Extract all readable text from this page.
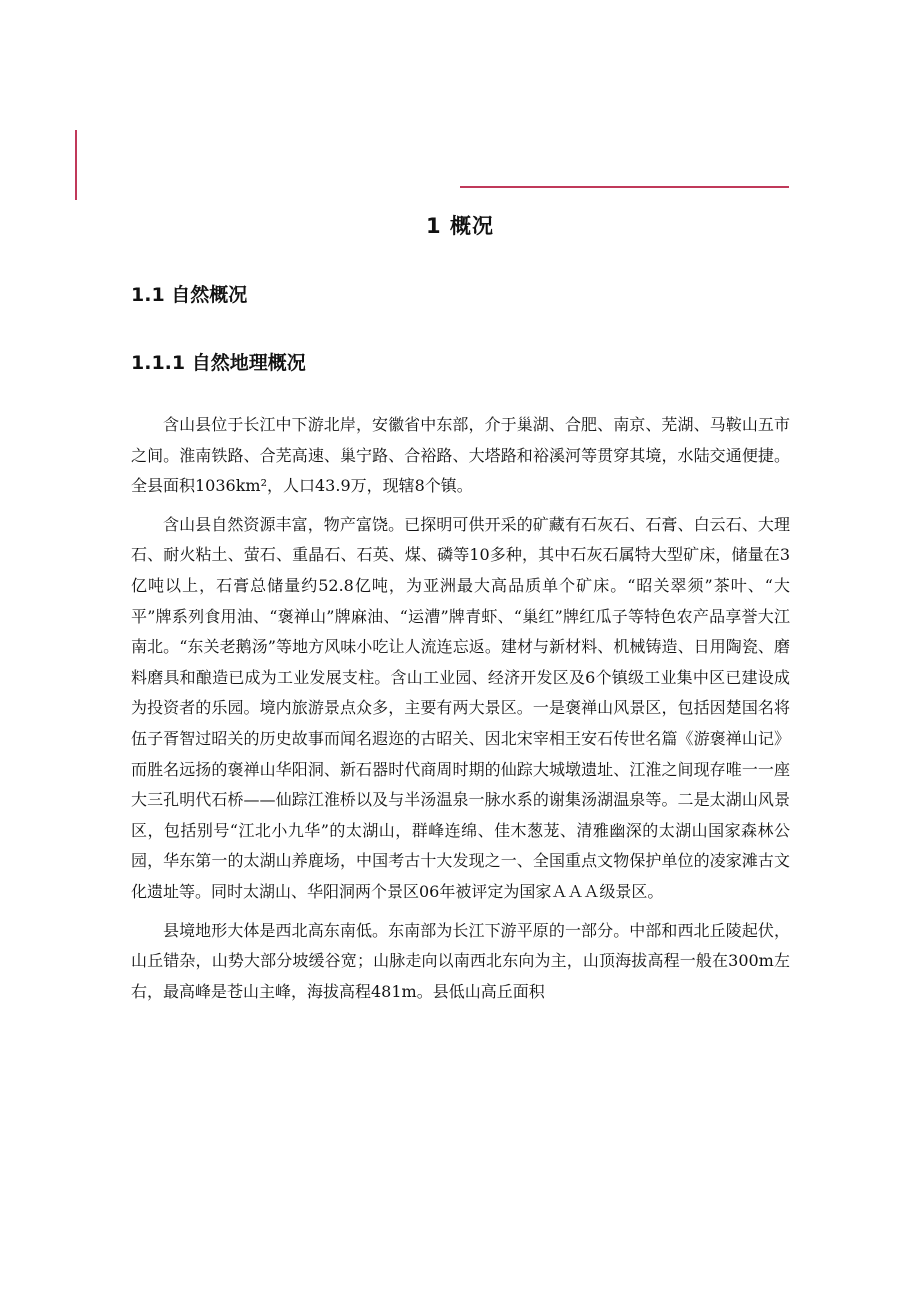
1 概况
1.1 自然概况
1.1.1 自然地理概况

含山县位于长江中下游北岸，安徽省中东部，介于巢湖、合肥、南京、芜湖、马鞍山五市之间。淮南铁路、合芜高速、巢宁路、合裕路、大塔路和裕溪河等贯穿其境，水陆交通便捷。全县面积1036km²，人口43.9万，现辖8个镇。

含山县自然资源丰富，物产富饶。已探明可供开采的矿藏有石灰石、石膏、白云石、大理石、耐火粘土、萤石、重晶石、石英、煤、磷等10多种，其中石灰石属特大型矿床，储量在3亿吨以上，石膏总储量约52.8亿吨，为亚洲最大高品质单个矿床。“昭关翠须”茶叶、“大平”牌系列食用油、“褒禅山”牌麻油、“运漕”牌青虾、“巢红”牌红瓜子等特色农产品享誉大江南北。“东关老鹅汤”等地方风味小吃让人流连忘返。建材与新材料、机械铸造、日用陶瓷、磨料磨具和酿造已成为工业发展支柱。含山工业园、经济开发区及6个镇级工业集中区已建设成为投资者的乐园。境内旅游景点众多，主要有两大景区。一是褒禅山风景区，包括因楚国名将伍子胥智过昭关的历史故事而闻名遐迩的古昭关、因北宋宰相王安石传世名篇《游褒禅山记》而胜名远扬的褒禅山华阳洞、新石器时代商周时期的仙踪大城墩遗址、江淮之间现存唯一一座大三孔明代石桥——仙踪江淮桥以及与半汤温泉一脉水系的谢集汤湖温泉等。二是太湖山风景区，包括别号“江北小九华”的太湖山，群峰连绵、佳木葱茏、清雅幽深的太湖山国家森林公园，华东第一的太湖山养鹿场，中国考古十大发现之一、全国重点文物保护单位的凌家滩古文化遗址等。同时太湖山、华阳洞两个景区06年被评定为国家ＡＡＡ级景区。

县境地形大体是西北高东南低。东南部为长江下游平原的一部分。中部和西北丘陵起伏，山丘错杂，山势大部分坡缓谷宽；山脉走向以南西北东向为主，山顶海拔高程一般在300m左右，最高峰是苍山主峰，海拔高程481m。县低山高丘面积
